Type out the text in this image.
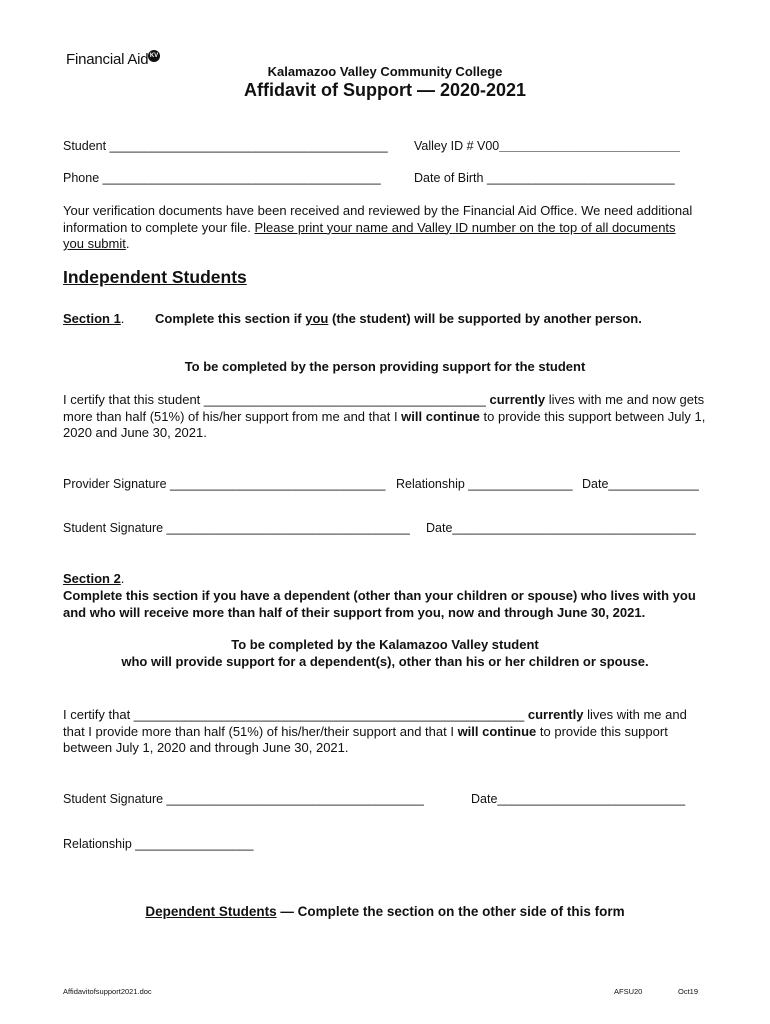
Financial Aid KV
Kalamazoo Valley Community College
Affidavit of Support — 2020-2021
Student ________________________________________ Valley ID # V00__________________________
Phone ________________________________________	Date of Birth ___________________________
Your verification documents have been received and reviewed by the Financial Aid Office. We need additional information to complete your file. Please print your name and Valley ID number on the top of all documents you submit.
Independent Students
Section 1. Complete this section if you (the student) will be supported by another person.
To be completed by the person providing support for the student
I certify that this student _______________________________________ currently lives with me and now gets more than half (51%) of his/her support from me and that I will continue to provide this support between July 1, 2020 and June 30, 2021.
Provider Signature _______________________________ Relationship _______________ Date_____________
Student Signature ___________________________________ Date___________________________________
Section 2.
Complete this section if you have a dependent (other than your children or spouse) who lives with you and who will receive more than half of their support from you, now and through June 30, 2021.
To be completed by the Kalamazoo Valley student
who will provide support for a dependent(s), other than his or her children or spouse.
I certify that ______________________________________________________ currently lives with me and that I provide more than half (51%) of his/her/their support and that I will continue to provide this support between July 1, 2020 and through June 30, 2021.
Student Signature _____________________________________	Date___________________________
Relationship _________________
Dependent Students — Complete the section on the other side of this form
Affidavitofsupport2021.doc	AFSU20	Oct19
